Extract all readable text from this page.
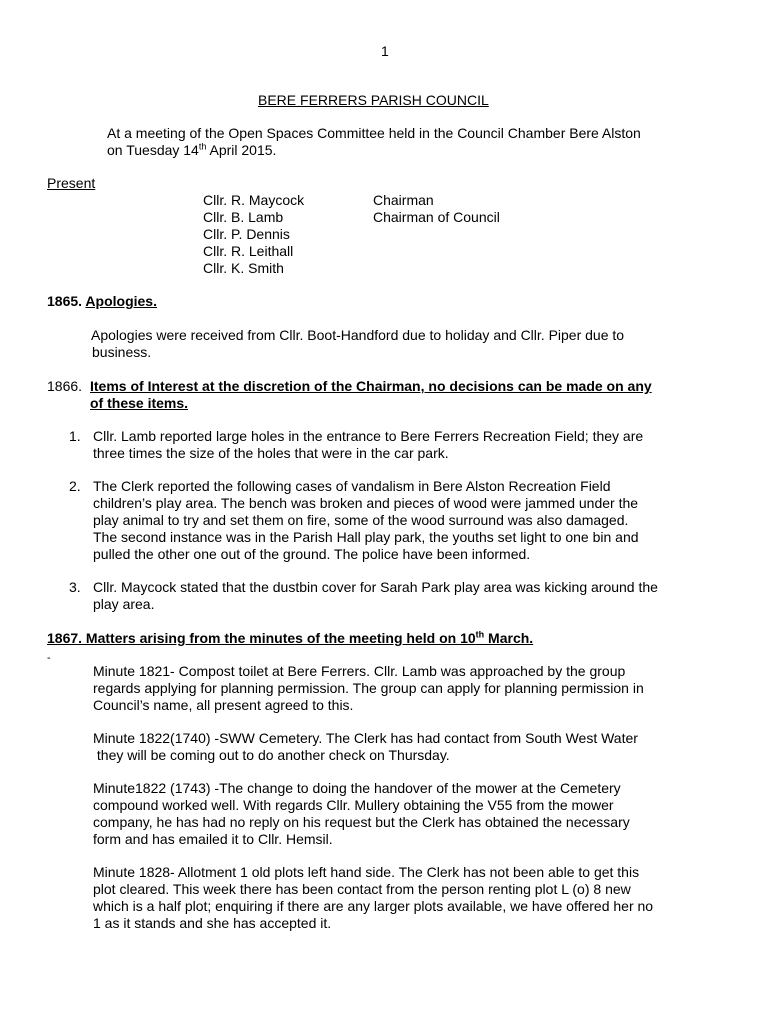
1
BERE FERRERS PARISH COUNCIL
At a meeting of the Open Spaces Committee held in the Council Chamber Bere Alston
on Tuesday 14th April 2015.
Present
Cllr. R. Maycock	Chairman
Cllr. B. Lamb	Chairman of Council
Cllr. P. Dennis
Cllr. R. Leithall
Cllr. K. Smith
1865. Apologies.
Apologies were received from Cllr. Boot-Handford due to holiday and Cllr. Piper due to
business.
1866. Items of Interest at the discretion of the Chairman, no decisions can be made on any
of these items.
1. Cllr. Lamb reported large holes in the entrance to Bere Ferrers Recreation Field; they are
three times the size of the holes that were in the car park.
2. The Clerk reported the following cases of vandalism in Bere Alston Recreation Field
children’s play area. The bench was broken and pieces of wood were jammed under the
play animal to try and set them on fire, some of the wood surround was also damaged.
The second instance was in the Parish Hall play park, the youths set light to one bin and
pulled the other one out of the ground. The police have been informed.
3. Cllr. Maycock stated that the dustbin cover for Sarah Park play area was kicking around the
play area.
1867. Matters arising from the minutes of the meeting held on 10th March.
-
Minute 1821- Compost toilet at Bere Ferrers. Cllr. Lamb was approached by the group
regards applying for planning permission. The group can apply for planning permission in
Council’s name, all present agreed to this.
Minute 1822(1740) -SWW Cemetery. The Clerk has had contact from South West Water
they will be coming out to do another check on Thursday.
Minute1822 (1743) -The change to doing the handover of the mower at the Cemetery
compound worked well. With regards Cllr. Mullery obtaining the V55 from the mower
company, he has had no reply on his request but the Clerk has obtained the necessary
form and has emailed it to Cllr. Hemsil.
Minute 1828- Allotment 1 old plots left hand side. The Clerk has not been able to get this
plot cleared. This week there has been contact from the person renting plot L (o) 8 new
which is a half plot; enquiring if there are any larger plots available, we have offered her no
1 as it stands and she has accepted it.
